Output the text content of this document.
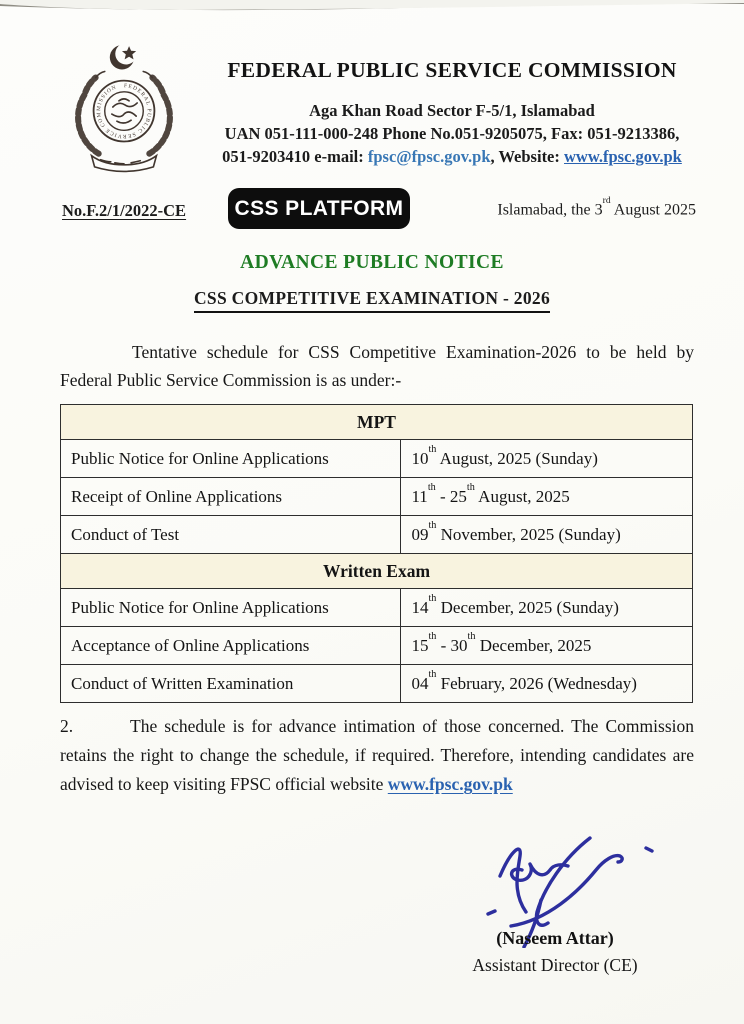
FEDERAL PUBLIC SERVICE COMMISSION
FEDERAL PUBLIC SERVICE COMMISSION
Aga Khan Road Sector F-5/1, Islamabad
UAN 051-111-000-248 Phone No.051-9205075, Fax: 051-9213386,
051-9203410 e-mail: fpsc@fpsc.gov.pk, Website: www.fpsc.gov.pk
No.F.2/1/2022-CE CSS PLATFORM	Islamabad, the 3rd August 2025
ADVANCE PUBLIC NOTICE
CSS COMPETITIVE EXAMINATION - 2026
Tentative schedule for CSS Competitive Examination-2026 to be held by Federal Public Service Commission is as under:-
MPT	
Public Notice for Online Applications	10th August, 2025 (Sunday)
Receipt of Online Applications	11th - 25th August, 2025
Conduct of Test	09th November, 2025 (Sunday)
Written Exam	
Public Notice for Online Applications	14th December, 2025 (Sunday)
Acceptance of Online Applications	15th - 30th December, 2025
Conduct of Written Examination	04th February, 2026 (Wednesday)
2.	The schedule is for advance intimation of those concerned. The Commission retains the right to change the schedule, if required. Therefore, intending candidates are advised to keep visiting FPSC official website www.fpsc.gov.pk
(Naseem Attar)
Assistant Director (CE)
